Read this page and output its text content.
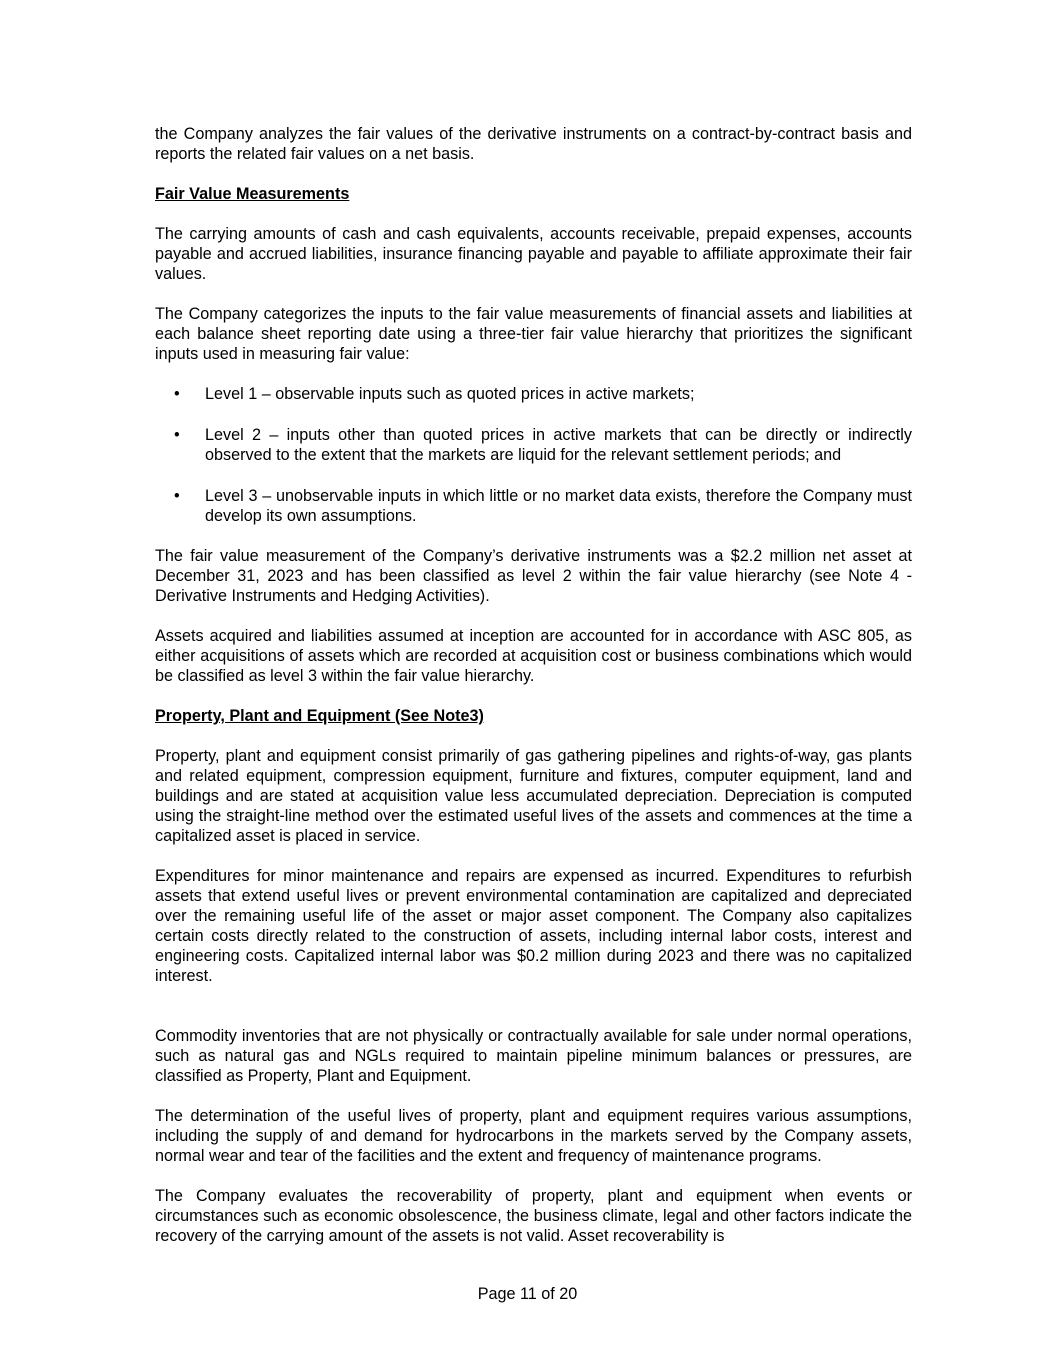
the Company analyzes the fair values of the derivative instruments on a contract-by-contract basis and reports the related fair values on a net basis.

Fair Value Measurements

The carrying amounts of cash and cash equivalents, accounts receivable, prepaid expenses, accounts payable and accrued liabilities, insurance financing payable and payable to affiliate approximate their fair values.

The Company categorizes the inputs to the fair value measurements of financial assets and liabilities at each balance sheet reporting date using a three-tier fair value hierarchy that prioritizes the significant inputs used in measuring fair value:

• Level 1 – observable inputs such as quoted prices in active markets;
• Level 2 – inputs other than quoted prices in active markets that can be directly or indirectly observed to the extent that the markets are liquid for the relevant settlement periods; and
• Level 3 – unobservable inputs in which little or no market data exists, therefore the Company must develop its own assumptions.

The fair value measurement of the Company’s derivative instruments was a $2.2 million net asset at December 31, 2023 and has been classified as level 2 within the fair value hierarchy (see Note 4 - Derivative Instruments and Hedging Activities).

Assets acquired and liabilities assumed at inception are accounted for in accordance with ASC 805, as either acquisitions of assets which are recorded at acquisition cost or business combinations which would be classified as level 3 within the fair value hierarchy.

Property, Plant and Equipment (See Note3)

Property, plant and equipment consist primarily of gas gathering pipelines and rights-of-way, gas plants and related equipment, compression equipment, furniture and fixtures, computer equipment, land and buildings and are stated at acquisition value less accumulated depreciation. Depreciation is computed using the straight-line method over the estimated useful lives of the assets and commences at the time a capitalized asset is placed in service.

Expenditures for minor maintenance and repairs are expensed as incurred. Expenditures to refurbish assets that extend useful lives or prevent environmental contamination are capitalized and depreciated over the remaining useful life of the asset or major asset component. The Company also capitalizes certain costs directly related to the construction of assets, including internal labor costs, interest and engineering costs. Capitalized internal labor was $0.2 million during 2023 and there was no capitalized interest.

Commodity inventories that are not physically or contractually available for sale under normal operations, such as natural gas and NGLs required to maintain pipeline minimum balances or pressures, are classified as Property, Plant and Equipment.

The determination of the useful lives of property, plant and equipment requires various assumptions, including the supply of and demand for hydrocarbons in the markets served by the Company assets, normal wear and tear of the facilities and the extent and frequency of maintenance programs.

The Company evaluates the recoverability of property, plant and equipment when events or circumstances such as economic obsolescence, the business climate, legal and other factors indicate the recovery of the carrying amount of the assets is not valid. Asset recoverability is

Page 11 of 20
